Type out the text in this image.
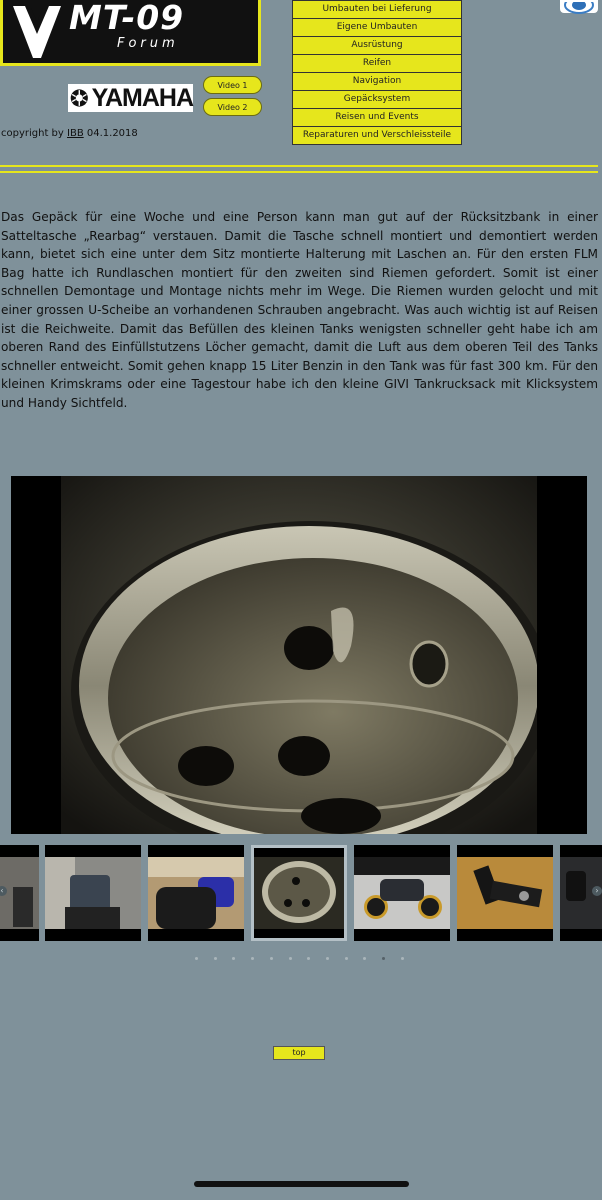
MT-09
Forum
YAMAHA	Video 1
Video 2
copyright by IBB 04.1.2018
Umbauten bei Lieferung
Eigene Umbauten
Ausrüstung
Reifen
Navigation
Gepäcksystem
Reisen und Events
Reparaturen und Verschleissteile
Das Gepäck für eine Woche und eine Person kann man gut auf der Rücksitzbank in einer Satteltasche „Rearbag“ verstauen. Damit die Tasche schnell montiert und demontiert werden kann, bietet sich eine unter dem Sitz montierte Halterung mit Laschen an. Für den ersten FLM Bag hatte ich Rundlaschen montiert für den zweiten sind Riemen gefordert. Somit ist einer schnellen Demontage und Montage nichts mehr im Wege. Die Riemen wurden gelocht und mit einer grossen U-Scheibe an vorhandenen Schrauben angebracht. Was auch wichtig ist auf Reisen ist die Reichweite. Damit das Befüllen des kleinen Tanks wenigsten schneller geht habe ich am oberen Rand des Einfüllstutzens Löcher gemacht, damit die Luft aus dem oberen Teil des Tanks schneller entweicht. Somit gehen knapp 15 Liter Benzin in den Tank was für fast 300 km. Für den kleinen Krimskrams oder eine Tagestour habe ich den kleine GIVI Tankrucksack mit Klicksystem und Handy Sichtfeld.
‹	›
top
